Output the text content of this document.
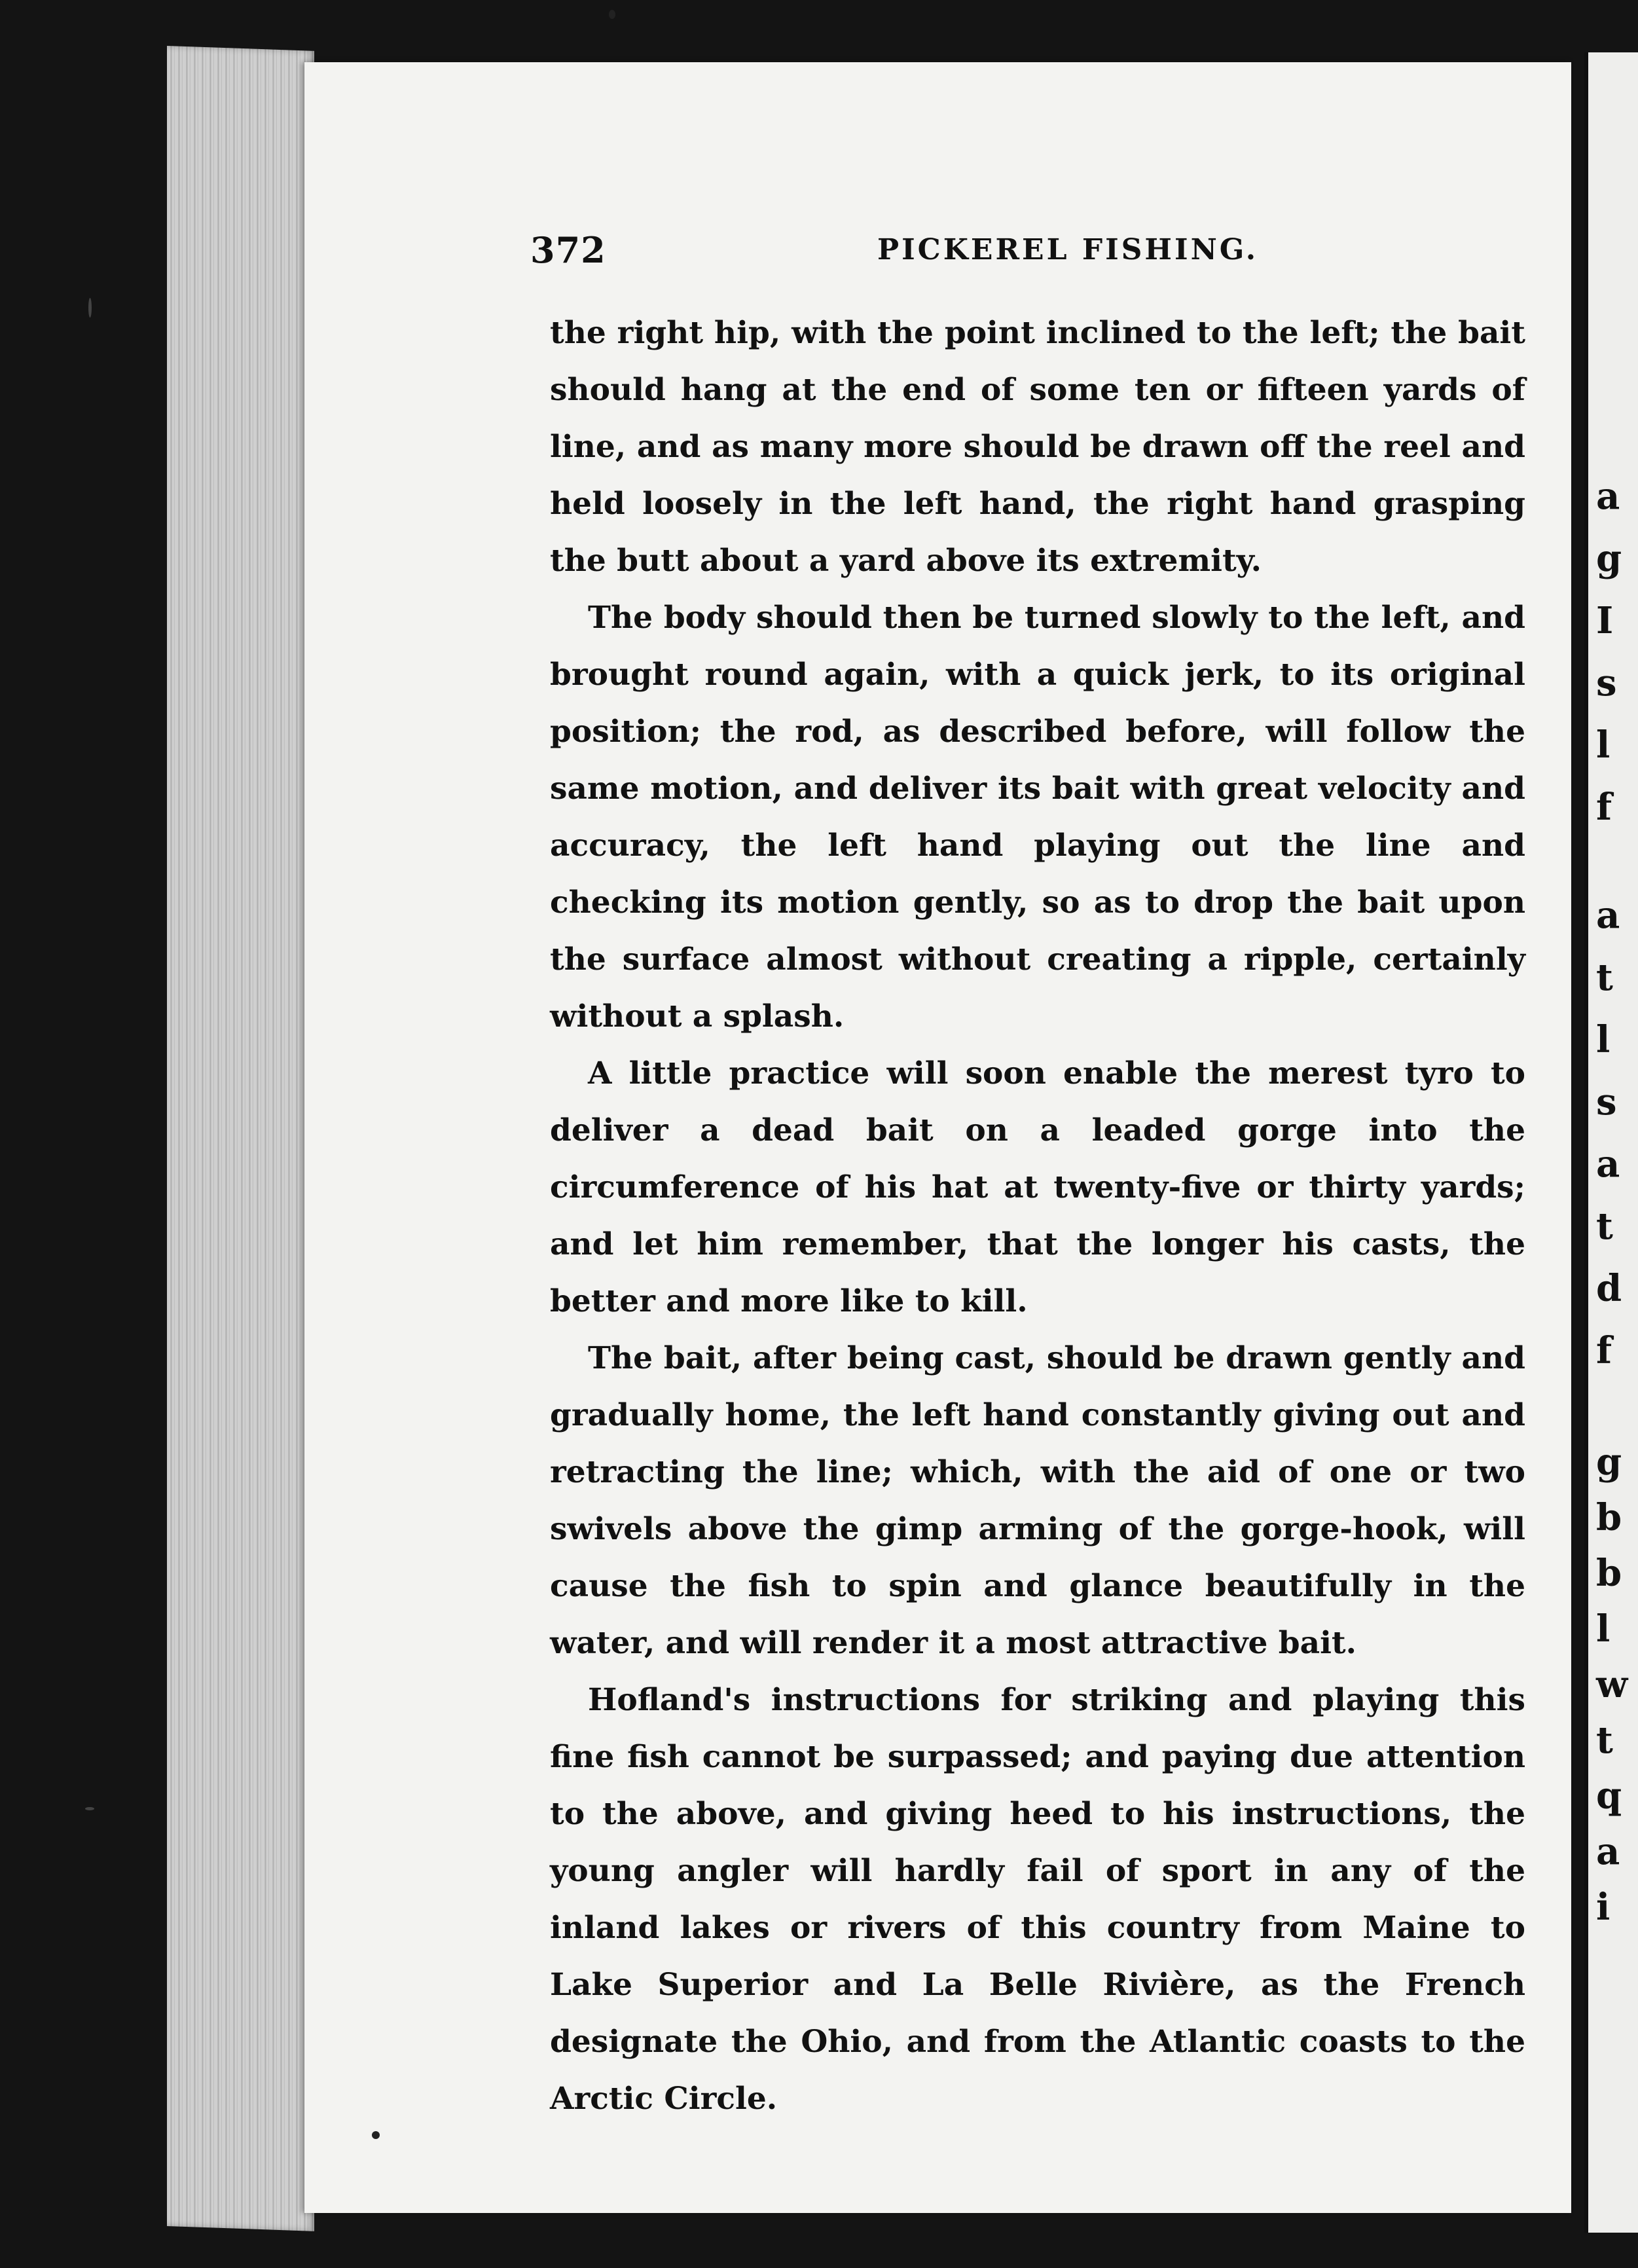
a
g
I
s
l
f
a
t
l
s
a
t
d
f
g
b
b
l
w
t
q
a
i
372	PICKEREL FISHING.

the right hip, with the point inclined to the left; the bait should hang at the end of some ten or fifteen yards of line, and as many more should be drawn off the reel and held loosely in the left hand, the right hand grasping the butt about a yard above its extremity.

The body should then be turned slowly to the left, and brought round again, with a quick jerk, to its original position; the rod, as described before, will follow the same motion, and deliver its bait with great velocity and accuracy, the left hand playing out the line and checking its motion gently, so as to drop the bait upon the surface almost without creating a ripple, certainly without a splash.

A little practice will soon enable the merest tyro to deliver a dead bait on a leaded gorge into the circumference of his hat at twenty-five or thirty yards; and let him remember, that the longer his casts, the better and more like to kill.

The bait, after being cast, should be drawn gently and gradually home, the left hand constantly giving out and retracting the line; which, with the aid of one or two swivels above the gimp arming of the gorge-hook, will cause the fish to spin and glance beautifully in the water, and will render it a most attractive bait.

Hofland's instructions for striking and playing this fine fish cannot be surpassed; and paying due attention to the above, and giving heed to his instructions, the young angler will hardly fail of sport in any of the inland lakes or rivers of this country from Maine to Lake Superior and La Belle Rivière, as the French designate the Ohio, and from the Atlantic coasts to the Arctic Circle.
